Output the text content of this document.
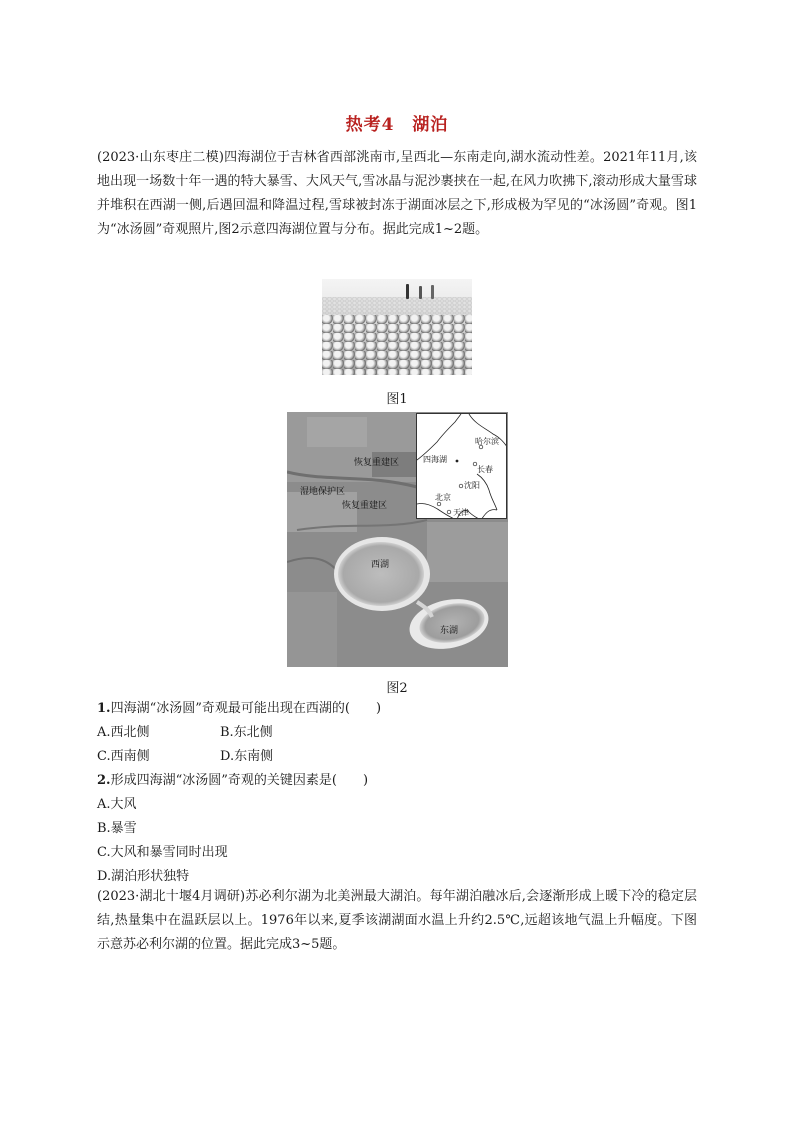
热考4　湖泊
(2023·山东枣庄二模)四海湖位于吉林省西部洮南市,呈西北—东南走向,湖水流动性差。2021年11月,该地出现一场数十年一遇的特大暴雪、大风天气,雪冰晶与泥沙裹挟在一起,在风力吹拂下,滚动形成大量雪球并堆积在西湖一侧,后遇回温和降温过程,雪球被封冻于湖面冰层之下,形成极为罕见的“冰汤圆”奇观。图1为“冰汤圆”奇观照片,图2示意四海湖位置与分布。据此完成1~2题。
图1
恢复重建区
湿地保护区
恢复重建区
西湖
东湖
哈尔滨
四海湖
长春
沈阳
北京
天津
图2
1.四海湖“冰汤圆”奇观最可能出现在西湖的(　　)
A.西北侧	B.东北侧
C.西南侧	D.东南侧
2.形成四海湖“冰汤圆”奇观的关键因素是(　　)
A.大风
B.暴雪
C.大风和暴雪同时出现
D.湖泊形状独特
(2023·湖北十堰4月调研)苏必利尔湖为北美洲最大湖泊。每年湖泊融冰后,会逐渐形成上暖下冷的稳定层结,热量集中在温跃层以上。1976年以来,夏季该湖湖面水温上升约2.5℃,远超该地气温上升幅度。下图示意苏必利尔湖的位置。据此完成3~5题。
